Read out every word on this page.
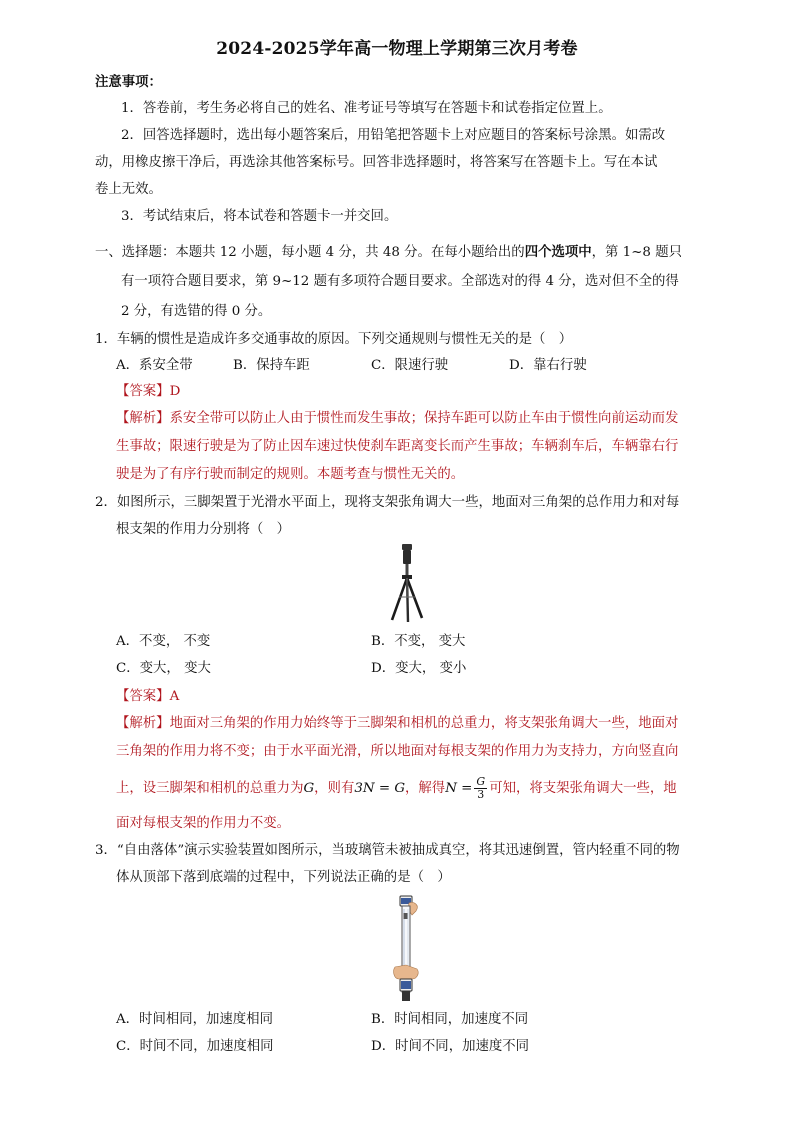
2024-2025学年高一物理上学期第三次月考卷
注意事项：
1．答卷前，考生务必将自己的姓名、准考证号等填写在答题卡和试卷指定位置上。
2．回答选择题时，选出每小题答案后，用铅笔把答题卡上对应题目的答案标号涂黑。如需改
动，用橡皮擦干净后，再选涂其他答案标号。回答非选择题时，将答案写在答题卡上。写在本试
卷上无效。
3．考试结束后，将本试卷和答题卡一并交回。
一、选择题：本题共 12 小题，每小题 4 分，共 48 分。在每小题给出的四个选项中，第 1~8 题只
有一项符合题目要求，第 9~12 题有多项符合题目要求。全部选对的得 4 分，选对但不全的得
2 分，有选错的得 0 分。
1．车辆的惯性是造成许多交通事故的原因。下列交通规则与惯性无关的是（　）
A．系安全带	B．保持车距	C．限速行驶	D．靠右行驶
【答案】D
【解析】系安全带可以防止人由于惯性而发生事故；保持车距可以防止车由于惯性向前运动而发
生事故；限速行驶是为了防止因车速过快使刹车距离变长而产生事故；车辆刹车后，车辆靠右行
驶是为了有序行驶而制定的规则。本题考查与惯性无关的。
2．如图所示，三脚架置于光滑水平面上，现将支架张角调大一些，地面对三角架的总作用力和对每
根支架的作用力分别将（　）
A．不变， 不变	B．不变， 变大
C．变大， 变大	D．变大， 变小
【答案】A
【解析】地面对三角架的作用力始终等于三脚架和相机的总重力，将支架张角调大一些，地面对
三角架的作用力将不变；由于水平面光滑，所以地面对每根支架的作用力为支持力，方向竖直向
上，设三脚架和相机的总重力为G，则有3N = G，解得$N = \frac{G}{3}$ 可知，将支架张角调大一些，地
面对每根支架的作用力不变。
3．“自由落体”演示实验装置如图所示，当玻璃管未被抽成真空，将其迅速倒置，管内轻重不同的物
体从顶部下落到底端的过程中，下列说法正确的是（　）
A．时间相同，加速度相同	B．时间相同，加速度不同
C．时间不同，加速度相同	D．时间不同，加速度不同
